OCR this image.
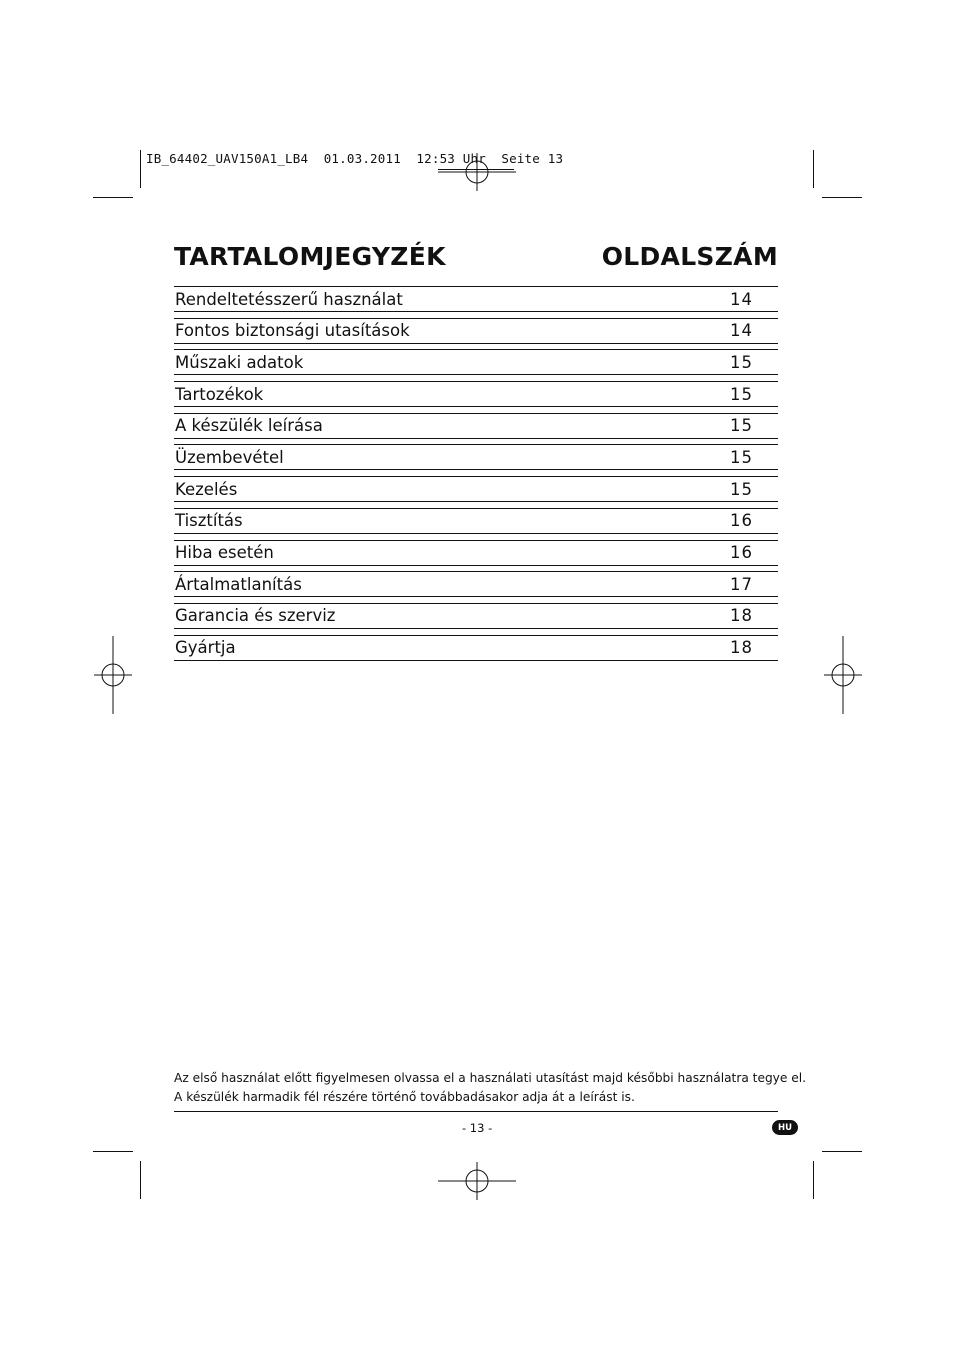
IB_64402_UAV150A1_LB4  01.03.2011  12:53 Uhr  Seite 13
TARTALOMJEGYZÉK	OLDALSZÁM
Rendeltetésszerű használat	14
Fontos biztonsági utasítások	14
Műszaki adatok	15
Tartozékok	15
A készülék leírása	15
Üzembevétel	15
Kezelés	15
Tisztítás	16
Hiba esetén	16
Ártalmatlanítás	17
Garancia és szerviz	18
Gyártja	18
Az első használat előtt figyelmesen olvassa el a használati utasítást majd későbbi használatra tegye el.
A készülék harmadik fél részére történő továbbadásakor adja át a leírást is.
- 13 -	HU
